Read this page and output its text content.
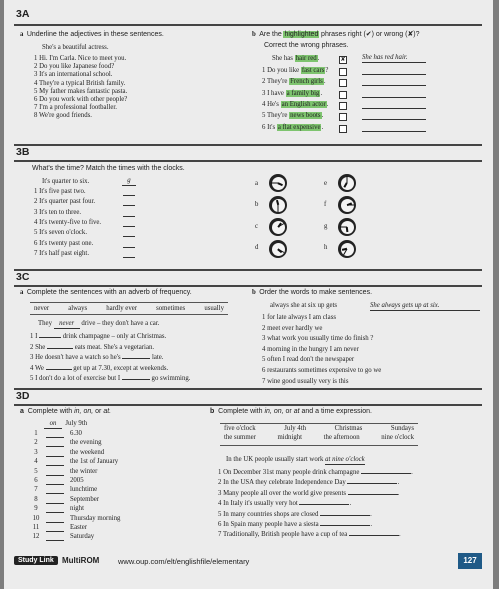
3A
a Underline the adjectives in these sentences.
She's a beautiful actress.
1 Hi. I'm Carla. Nice to meet you.
2 Do you like Japanese food?
3 It's an international school.
4 They're a typical British family.
5 My father makes fantastic pasta.
6 Do you work with other people?
7 I'm a professional footballer.
8 We're good friends.
b Are the highlighted phrases right (✔) or wrong (✘)?
Correct the wrong phrases.
She has hair red.	✘ She has red hair.
1 Do you like fast cars?
2 They're French girls.
3 I have a family big.
4 He's an English actor.
5 They're news boots.
6 It's a flat expensive.
3B
What's the time? Match the times with the clocks.
It's quarter to six.	g
1 It's five past two.
2 It's quarter past four.
3 It's ten to three.
4 It's twenty-five to five.
5 It's seven o'clock.
6 It's twenty past one.
7 It's half past eight.
a
b
c
d
e
f
g
h
3C
a Complete the sentences with an adverb of frequency.
never	always	hardly ever	sometimes	usually
They never drive – they don't have a car.
1 I	drink champagne – only at Christmas.
2 She	eats meat. She's a vegetarian.
3 He doesn't have a watch so he's	late.
4 We	get up at 7.30, except at weekends.
5 I don't do a lot of exercise but I	go swimming.
b Order the words to make sentences.
always she at six up gets	She always gets up at six.
1 for late always I am class
2 meet ever hardly we
3 what work you usually time do finish ?
4 morning in the hungry I am never
5 often I read don't the newspaper
6 restaurants sometimes expensive to go we
7 wine good usually very is this
3D
a Complete with in, on, or at.
on July 9th
1	6.30
2	the evening
3	the weekend
4	the 1st of January
5	the winter
6	2005
7	lunchtime
8	September
9	night
10	Thursday morning
11	Easter
12	Saturday
b Complete with in, on, or at and a time expression.
five o'clock	July 4th	Christmas	Sundays
the summer	midnight	the afternoon	nine o'clock
In the UK people usually start work at nine o'clock
1 On December 31st many people drink champagne	.
2 In the USA they celebrate Independence Day	.
3 Many people all over the world give presents	.
4 In Italy it's usually very hot	.
5 In many countries shops are closed	.
6 In Spain many people have a siesta	.
7 Traditionally, British people have a cup of tea	.
Study Link	MultiROM www.oup.com/elt/englishfile/elementary	127
